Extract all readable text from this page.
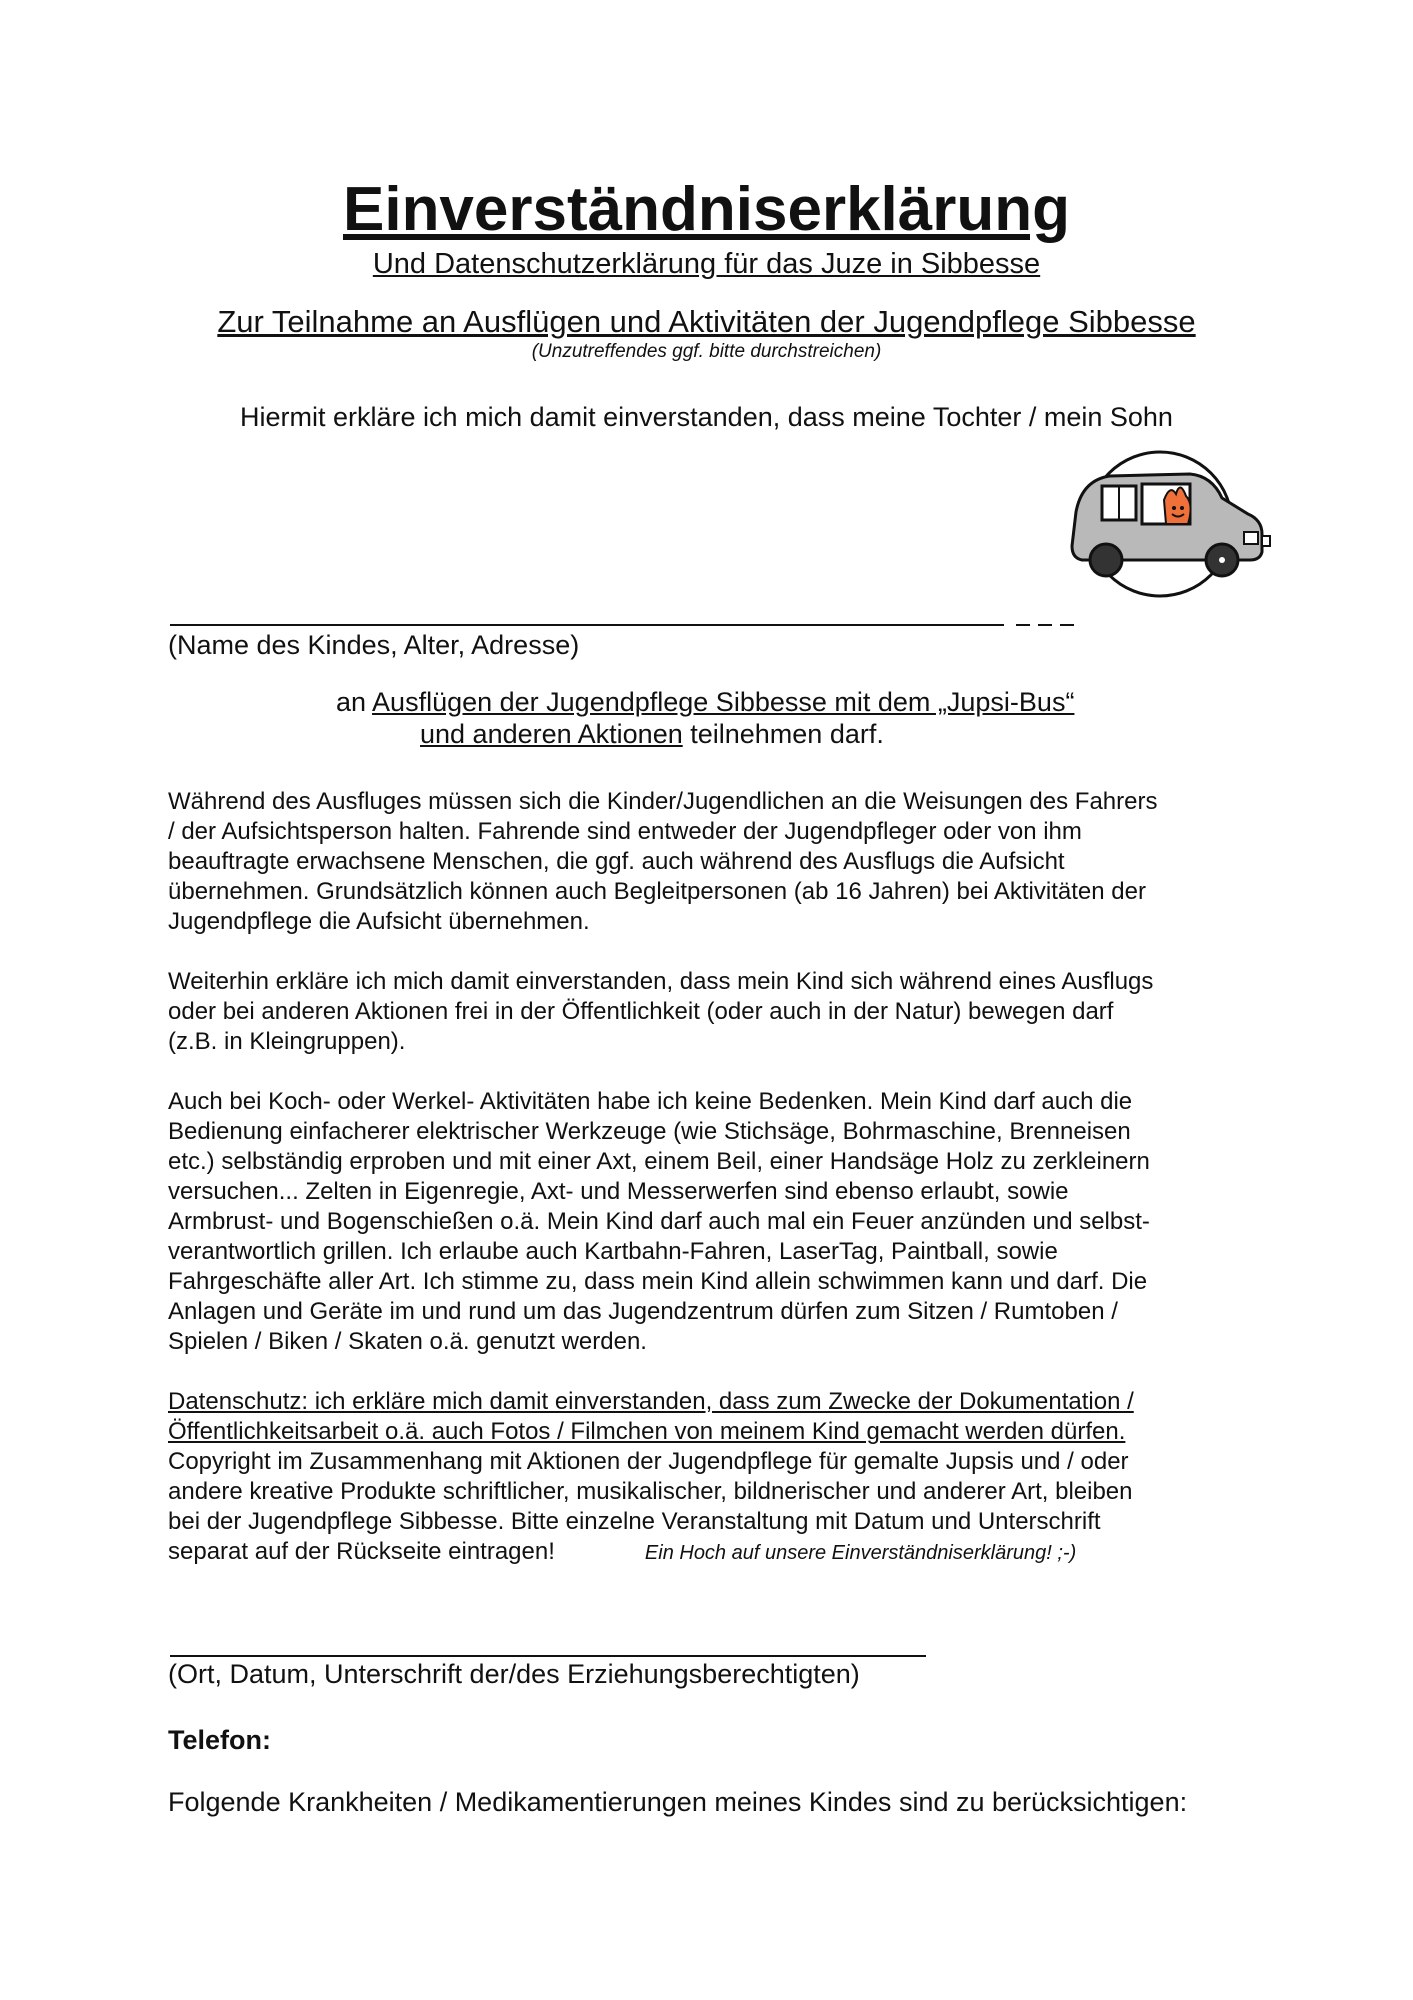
Einverständniserklärung
Und Datenschutzerklärung für das Juze in Sibbesse
Zur Teilnahme an Ausflügen und Aktivitäten der Jugendpflege Sibbesse
(Unzutreffendes ggf. bitte durchstreichen)
Hiermit erkläre ich mich damit einverstanden, dass meine Tochter / mein Sohn
(Name des Kindes, Alter, Adresse)
an Ausflügen der Jugendpflege Sibbesse mit dem „Jupsi-Bus“
und anderen Aktionen teilnehmen darf.
Während des Ausfluges müssen sich die Kinder/Jugendlichen an die Weisungen des Fahrers
/ der Aufsichtsperson halten. Fahrende sind entweder der Jugendpfleger oder von ihm
beauftragte erwachsene Menschen, die ggf. auch während des Ausflugs die Aufsicht
übernehmen. Grundsätzlich können auch Begleitpersonen (ab 16 Jahren) bei Aktivitäten der
Jugendpflege die Aufsicht übernehmen.
Weiterhin erkläre ich mich damit einverstanden, dass mein Kind sich während eines Ausflugs
oder bei anderen Aktionen frei in der Öffentlichkeit (oder auch in der Natur) bewegen darf
(z.B. in Kleingruppen).
Auch bei Koch- oder Werkel- Aktivitäten habe ich keine Bedenken. Mein Kind darf auch die
Bedienung einfacherer elektrischer Werkzeuge (wie Stichsäge, Bohrmaschine, Brenneisen
etc.) selbständig erproben und mit einer Axt, einem Beil, einer Handsäge Holz zu zerkleinern
versuchen... Zelten in Eigenregie, Axt- und Messerwerfen sind ebenso erlaubt, sowie
Armbrust- und Bogenschießen o.ä. Mein Kind darf auch mal ein Feuer anzünden und selbst-
verantwortlich grillen. Ich erlaube auch Kartbahn-Fahren, LaserTag, Paintball, sowie
Fahrgeschäfte aller Art. Ich stimme zu, dass mein Kind allein schwimmen kann und darf. Die
Anlagen und Geräte im und rund um das Jugendzentrum dürfen zum Sitzen / Rumtoben /
Spielen / Biken / Skaten o.ä. genutzt werden.
Datenschutz: ich erkläre mich damit einverstanden, dass zum Zwecke der Dokumentation /
Öffentlichkeitsarbeit o.ä. auch Fotos / Filmchen von meinem Kind gemacht werden dürfen.
Copyright im Zusammenhang mit Aktionen der Jugendpflege für gemalte Jupsis und / oder
andere kreative Produkte schriftlicher, musikalischer, bildnerischer und anderer Art, bleiben
bei der Jugendpflege Sibbesse. Bitte einzelne Veranstaltung mit Datum und Unterschrift
separat auf der Rückseite eintragen!	Ein Hoch auf unsere Einverständniserklärung! ;-)
(Ort, Datum, Unterschrift der/des Erziehungsberechtigten)
Telefon:
Folgende Krankheiten / Medikamentierungen meines Kindes sind zu berücksichtigen:
